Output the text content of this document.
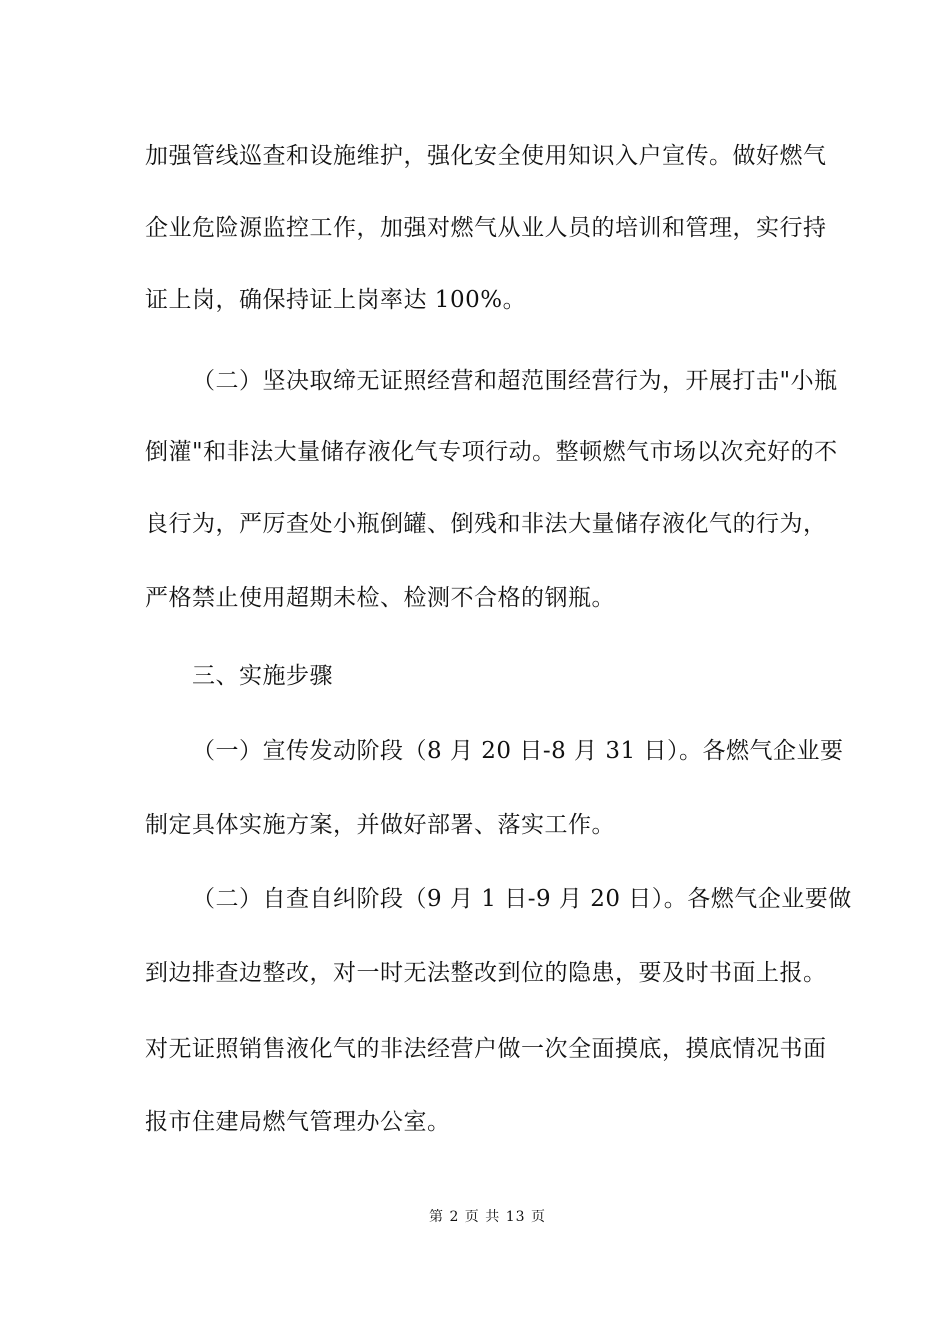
加强管线巡查和设施维护，强化安全使用知识入户宣传。做好燃气
企业危险源监控工作，加强对燃气从业人员的培训和管理，实行持
证上岗，确保持证上岗率达 100%。
（二）坚决取缔无证照经营和超范围经营行为，开展打击"小瓶
倒灌"和非法大量储存液化气专项行动。整顿燃气市场以次充好的不
良行为，严厉查处小瓶倒罐、倒残和非法大量储存液化气的行为，
严格禁止使用超期未检、检测不合格的钢瓶。
三、实施步骤
（一）宣传发动阶段（8 月 20 日-8 月 31 日）。各燃气企业要
制定具体实施方案，并做好部署、落实工作。
（二）自查自纠阶段（9 月 1 日-9 月 20 日）。各燃气企业要做
到边排查边整改，对一时无法整改到位的隐患，要及时书面上报。
对无证照销售液化气的非法经营户做一次全面摸底，摸底情况书面
报市住建局燃气管理办公室。
第 2 页 共 13 页
